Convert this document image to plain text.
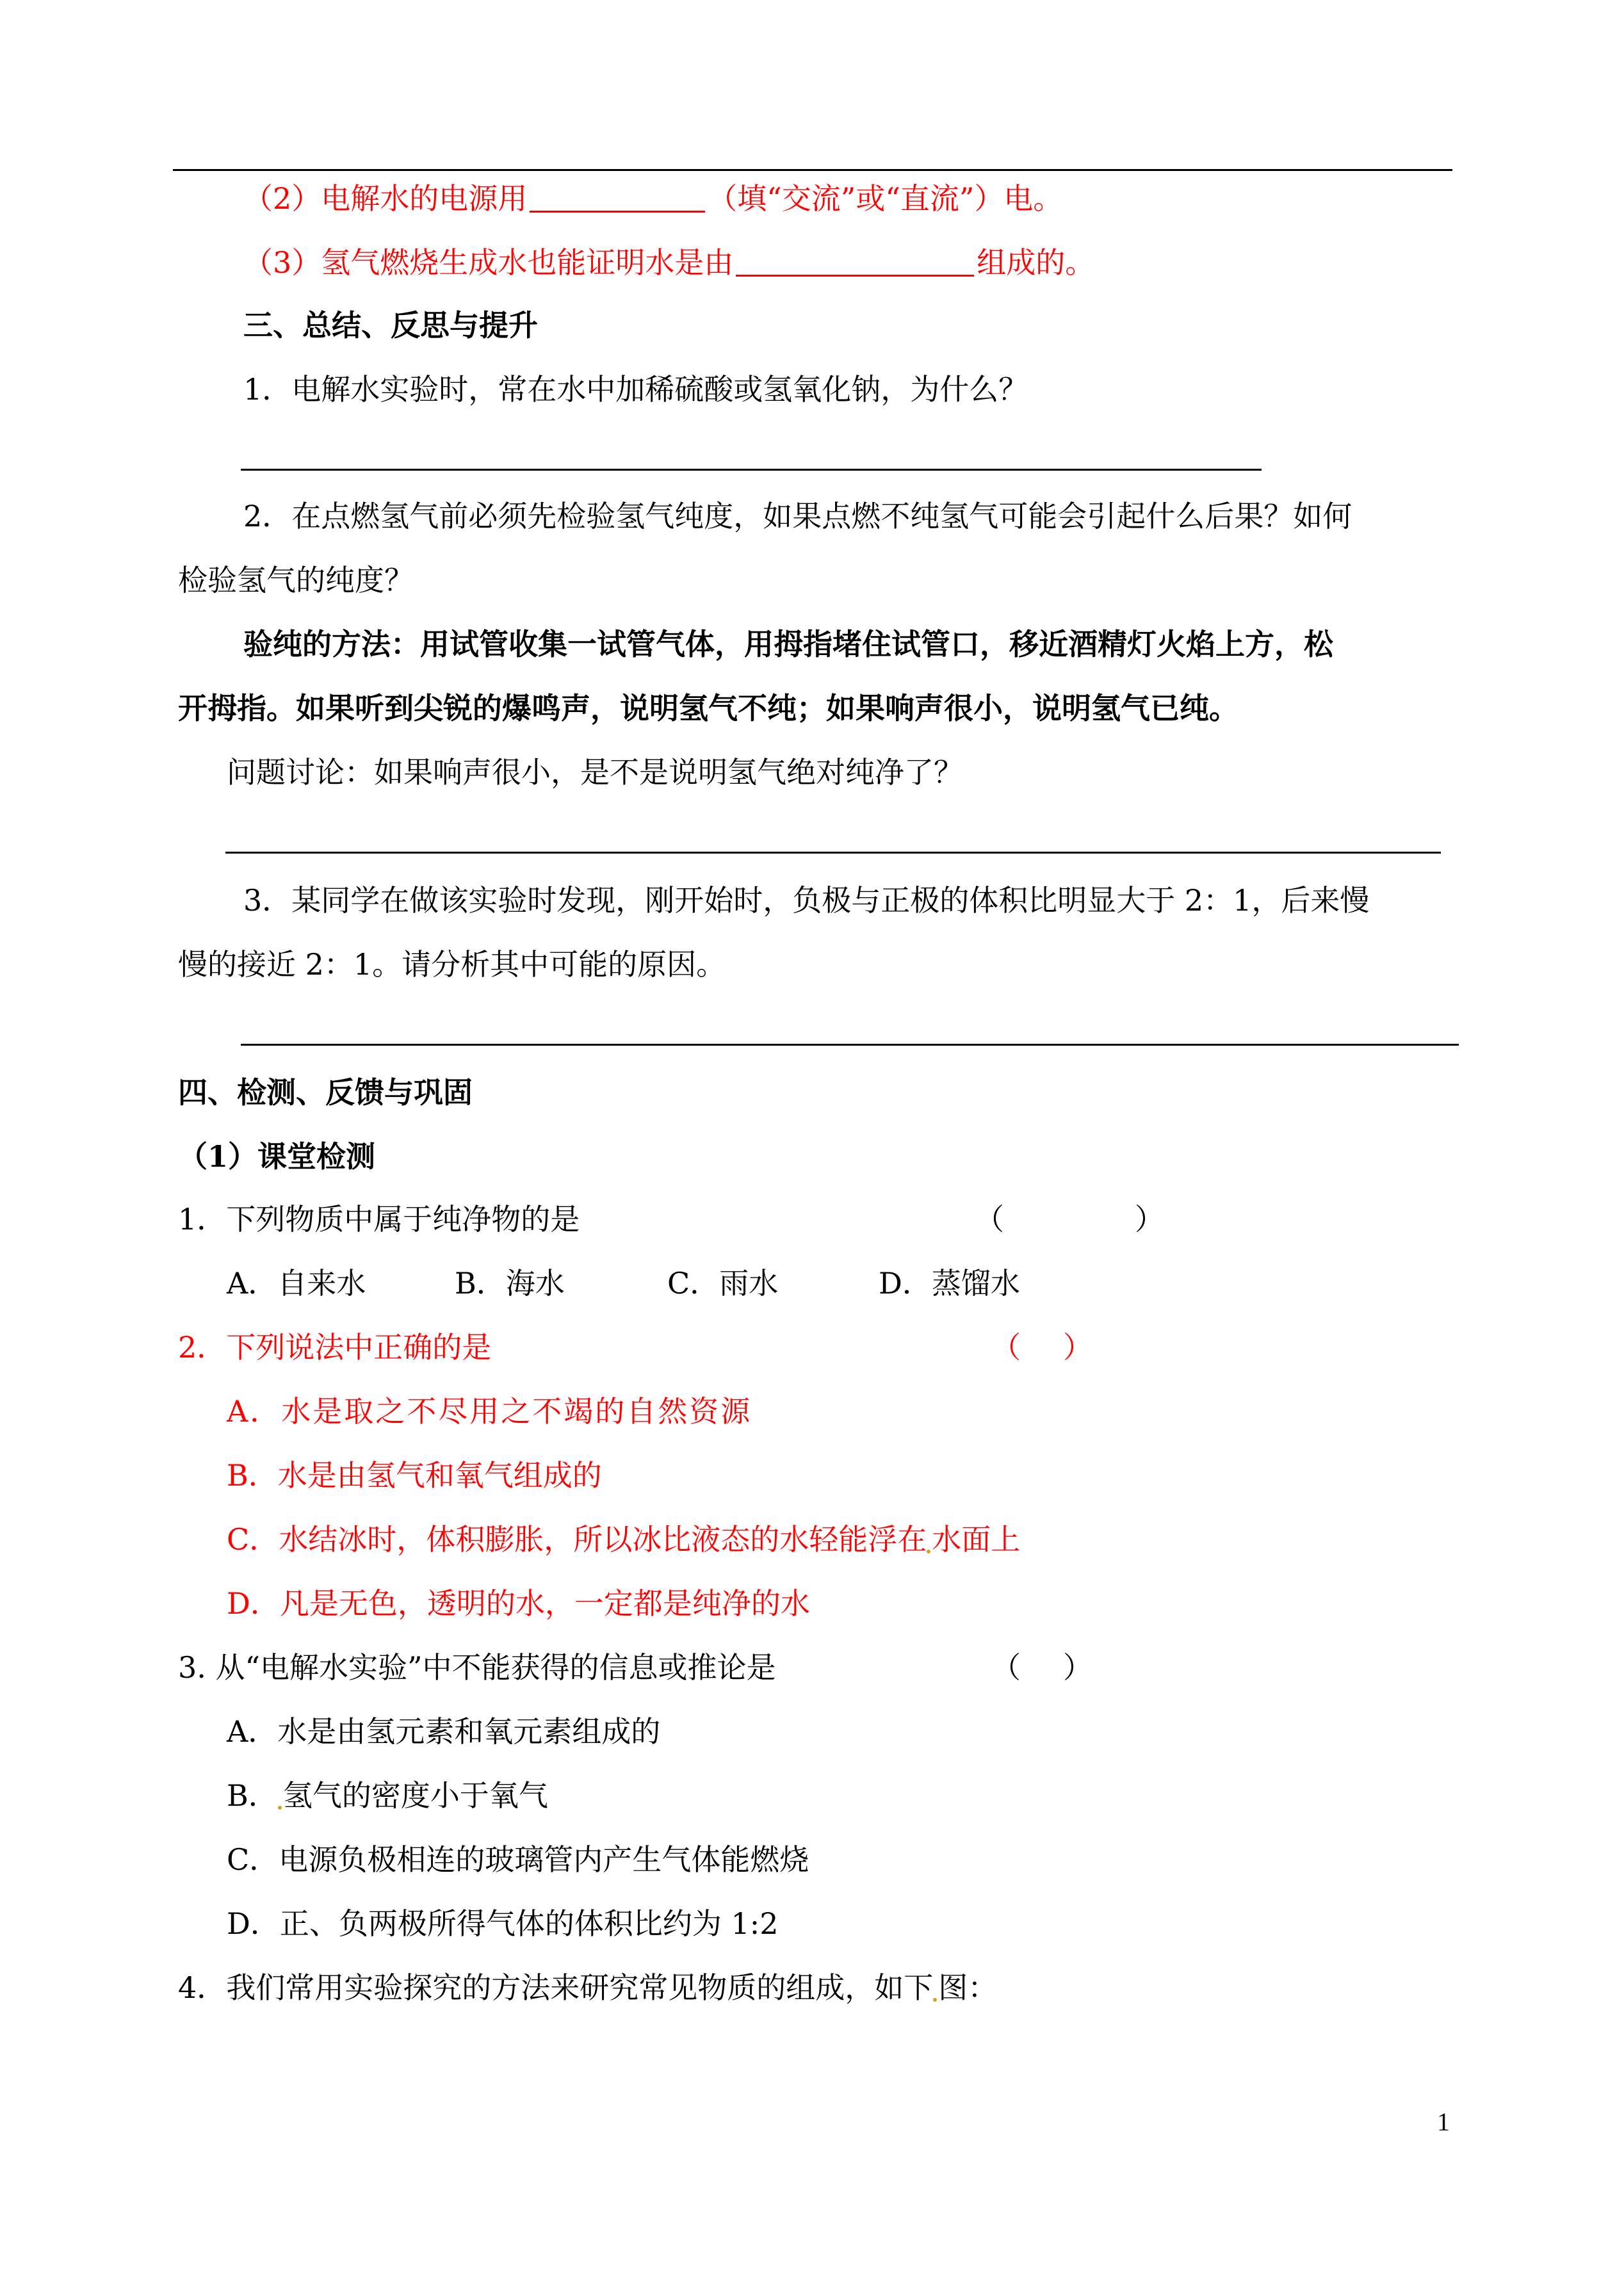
（2）电解水的电源用	（填“交流”或“直流”）电。
（3）氢气燃烧生成水也能证明水是由	组成的。
三、总结、反思与提升
1．电解水实验时，常在水中加稀硫酸或氢氧化钠，为什么？
2．在点燃氢气前必须先检验氢气纯度，如果点燃不纯氢气可能会引起什么后果？如何
检验氢气的纯度？
验纯的方法：用试管收集一试管气体，用拇指堵住试管口，移近酒精灯火焰上方，松
开拇指。如果听到尖锐的爆鸣声，说明氢气不纯；如果响声很小，说明氢气已纯。
问题讨论：如果响声很小，是不是说明氢气绝对纯净了？
3．某同学在做该实验时发现，刚开始时，负极与正极的体积比明显大于 2：1，后来慢
慢的接近 2：1。请分析其中可能的原因。
四、检测、反馈与巩固
（1）课堂检测
1．下列物质中属于纯净物的是	（	）
A．自来水	B．海水	C．雨水	D．蒸馏水
2．下列说法中正确的是	（ ）
A．水是取之不尽用之不竭的自然资源
B．水是由氢气和氧气组成的
C．水结冰时，体积膨胀，所以冰比液态的水轻能浮在 水面上
D．凡是无色，透明的水，一定都是纯净的水
3. 从“电解水实验”中不能获得的信息或推论是	（ ）
A．水是由氢元素和氧元素组成的
B． 氢气的密度小于氧气
C．电源负极相连的玻璃管内产生气体能燃烧
D．正、负两极所得气体的体积比约为 1:2
4．我们常用实验探究的方法来研究常见物质的组成，如下 图：
1
